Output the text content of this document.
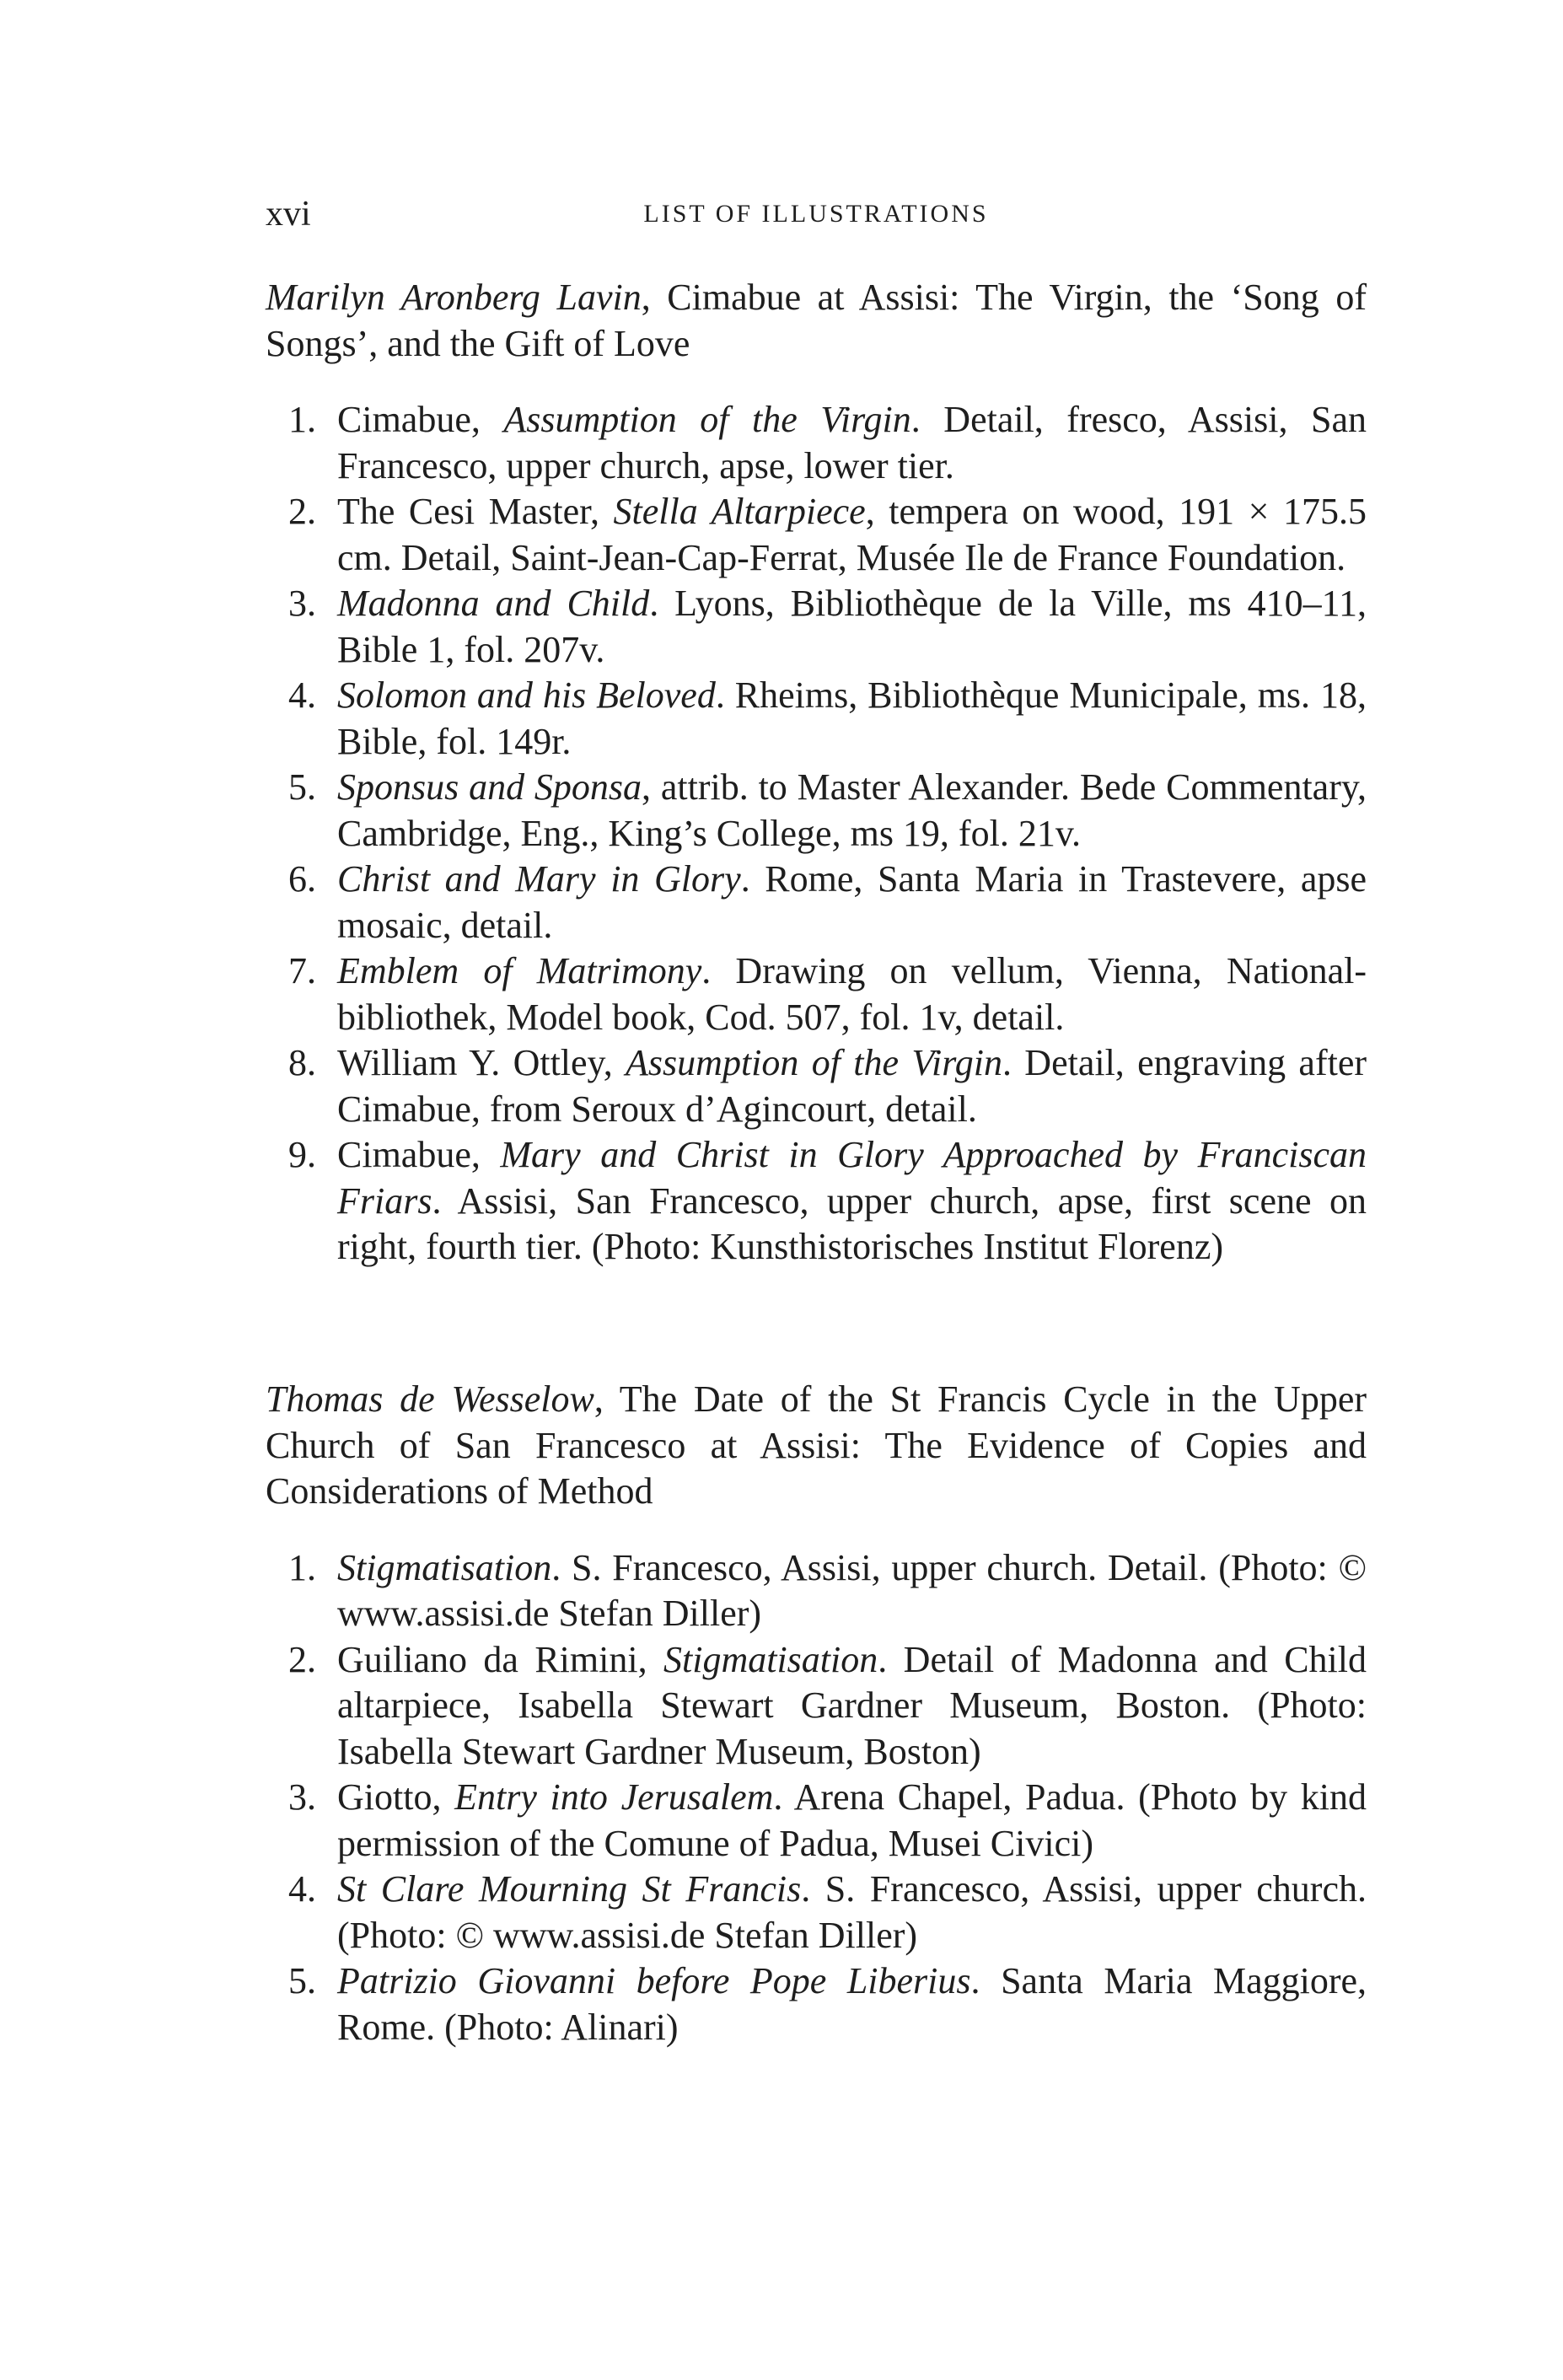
xvi	LIST OF ILLUSTRATIONS

Marilyn Aronberg Lavin, Cimabue at Assisi: The Virgin, the ‘Song of Songs’, and the Gift of Love

1. Cimabue, Assumption of the Virgin. Detail, fresco, Assisi, San Francesco, upper church, apse, lower tier.
2. The Cesi Master, Stella Altarpiece, tempera on wood, 191 × 175.5 cm. Detail, Saint-Jean-Cap-Ferrat, Musée Ile de France Foundation.
3. Madonna and Child. Lyons, Bibliothèque de la Ville, ms 410–11, Bible 1, fol. 207v.
4. Solomon and his Beloved. Rheims, Bibliothèque Municipale, ms. 18, Bible, fol. 149r.
5. Sponsus and Sponsa, attrib. to Master Alexander. Bede Commentary, Cambridge, Eng., King’s College, ms 19, fol. 21v.
6. Christ and Mary in Glory. Rome, Santa Maria in Trastevere, apse mosaic, detail.
7. Emblem of Matrimony. Drawing on vellum, Vienna, Nationalbibliothek, Model book, Cod. 507, fol. 1v, detail.
8. William Y. Ottley, Assumption of the Virgin. Detail, engraving after Cimabue, from Seroux d’Agincourt, detail.
9. Cimabue, Mary and Christ in Glory Approached by Franciscan Friars. Assisi, San Francesco, upper church, apse, first scene on right, fourth tier. (Photo: Kunsthistorisches Institut Florenz)

Thomas de Wesselow, The Date of the St Francis Cycle in the Upper Church of San Francesco at Assisi: The Evidence of Copies and Considerations of Method

1. Stigmatisation. S. Francesco, Assisi, upper church. Detail. (Photo: © www.assisi.de Stefan Diller)
2. Guiliano da Rimini, Stigmatisation. Detail of Madonna and Child altarpiece, Isabella Stewart Gardner Museum, Boston. (Photo: Isabella Stewart Gardner Museum, Boston)
3. Giotto, Entry into Jerusalem. Arena Chapel, Padua. (Photo by kind permission of the Comune of Padua, Musei Civici)
4. St Clare Mourning St Francis. S. Francesco, Assisi, upper church. (Photo: © www.assisi.de Stefan Diller)
5. Patrizio Giovanni before Pope Liberius. Santa Maria Maggiore, Rome. (Photo: Alinari)
